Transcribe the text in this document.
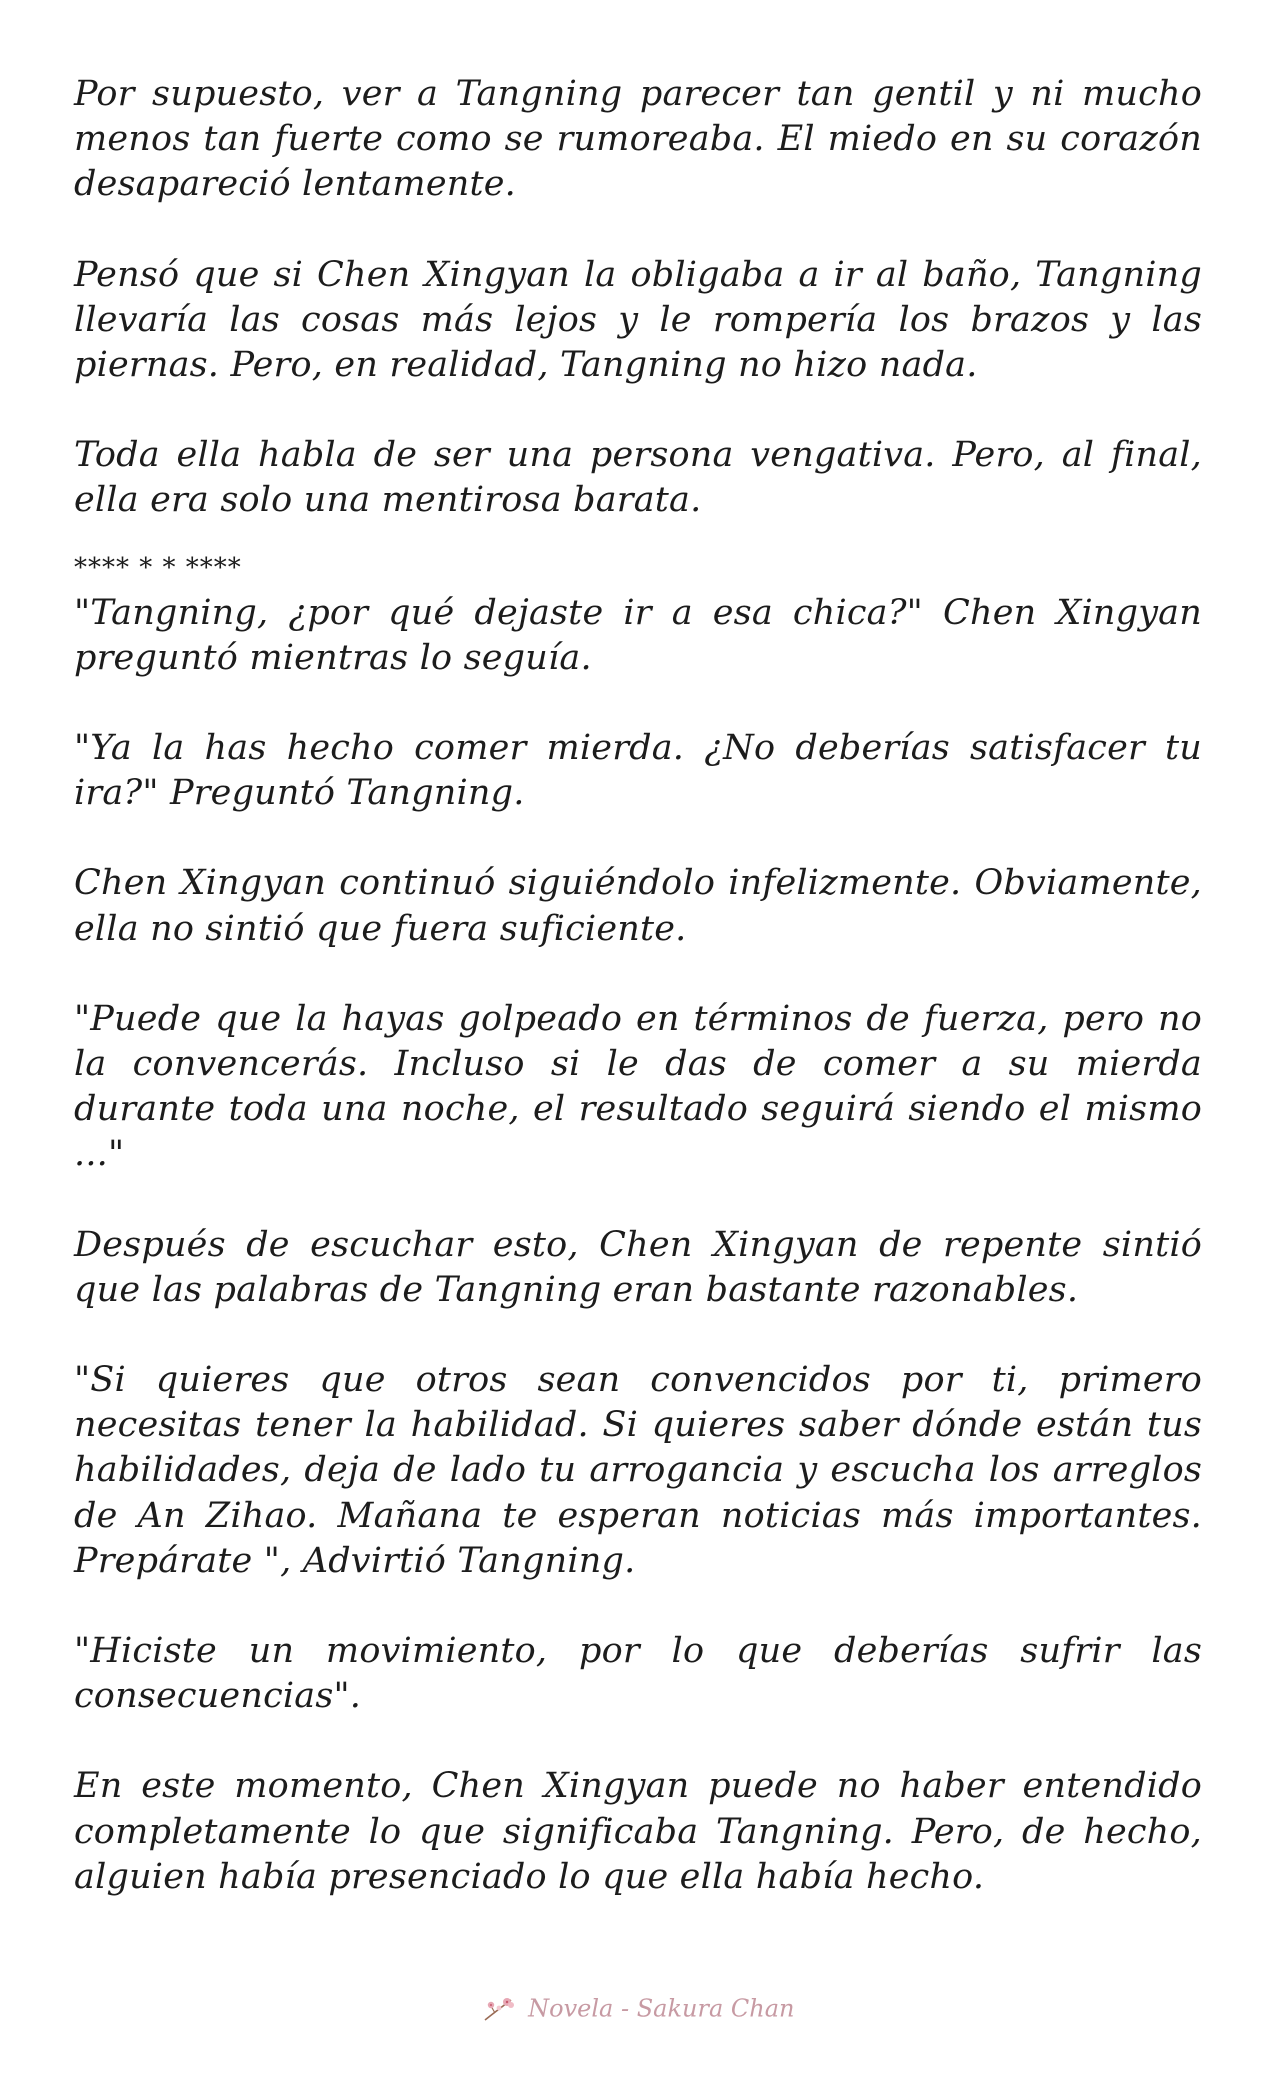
Por supuesto, ver a Tangning parecer tan gentil y ni mucho menos tan fuerte como se rumoreaba. El miedo en su corazón desapareció lentamente.

Pensó que si Chen Xingyan la obligaba a ir al baño, Tangning llevaría las cosas más lejos y le rompería los brazos y las piernas. Pero, en realidad, Tangning no hizo nada.

Toda ella habla de ser una persona vengativa. Pero, al final, ella era solo una mentirosa barata.

**** * * ****

"Tangning, ¿por qué dejaste ir a esa chica?" Chen Xingyan preguntó mientras lo seguía.

"Ya la has hecho comer mierda. ¿No deberías satisfacer tu ira?" Preguntó Tangning.

Chen Xingyan continuó siguiéndolo infelizmente. Obviamente, ella no sintió que fuera suficiente.

"Puede que la hayas golpeado en términos de fuerza, pero no la convencerás. Incluso si le das de comer a su mierda durante toda una noche, el resultado seguirá siendo el mismo ..."

Después de escuchar esto, Chen Xingyan de repente sintió que las palabras de Tangning eran bastante razonables.

"Si quieres que otros sean convencidos por ti, primero necesitas tener la habilidad. Si quieres saber dónde están tus habilidades, deja de lado tu arrogancia y escucha los arreglos de An Zihao. Mañana te esperan noticias más importantes. Prepárate ", Advirtió Tangning.

"Hiciste un movimiento, por lo que deberías sufrir las consecuencias".

En este momento, Chen Xingyan puede no haber entendido completamente lo que significaba Tangning. Pero, de hecho, alguien había presenciado lo que ella había hecho.

Novela - Sakura Chan
